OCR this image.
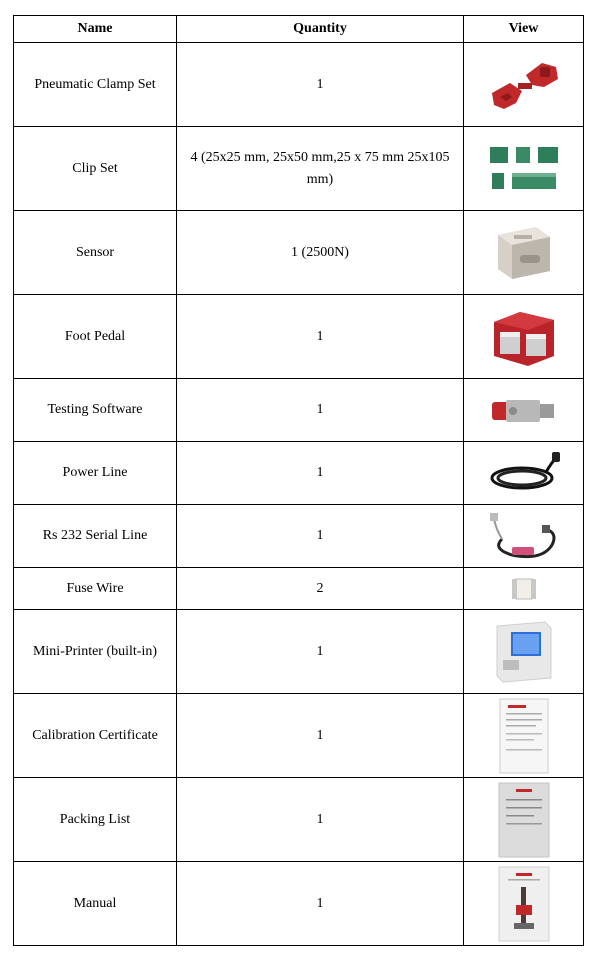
Name	Quantity	View
Pneumatic Clamp Set	1	

Clip Set	4 (25x25 mm, 25x50 mm,25 x 75 mm 25x105 mm)	

Sensor	1 (2500N)	

Foot Pedal	1	

Testing Software	1	

Power Line	1	

Rs 232 Serial Line	1	

Fuse Wire	2	

Mini-Printer (built-in)	1	

Calibration Certificate	1	

Packing List	1	

Manual	1	
